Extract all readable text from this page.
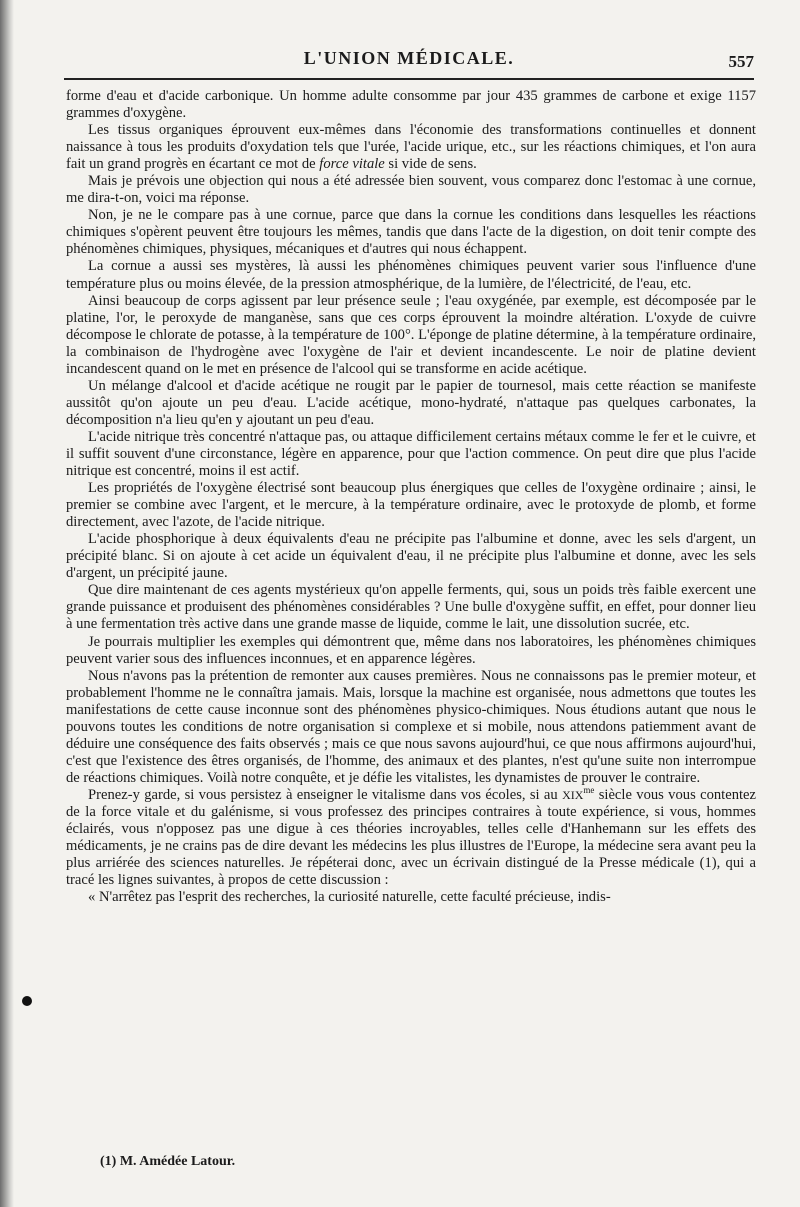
L'UNION MÉDICALE.	557

forme d'eau et d'acide carbonique. Un homme adulte consomme par jour 435 grammes de carbone et exige 1157 grammes d'oxygène.

Les tissus organiques éprouvent eux-mêmes dans l'économie des transformations continuelles et donnent naissance à tous les produits d'oxydation tels que l'urée, l'acide urique, etc., sur les réactions chimiques, et l'on aura fait un grand progrès en écartant ce mot de force vitale si vide de sens.

Mais je prévois une objection qui nous a été adressée bien souvent, vous comparez donc l'estomac à une cornue, me dira-t-on, voici ma réponse.

Non, je ne le compare pas à une cornue, parce que dans la cornue les conditions dans lesquelles les réactions chimiques s'opèrent peuvent être toujours les mêmes, tandis que dans l'acte de la digestion, on doit tenir compte des phénomènes chimiques, physiques, mécaniques et d'autres qui nous échappent.

La cornue a aussi ses mystères, là aussi les phénomènes chimiques peuvent varier sous l'influence d'une température plus ou moins élevée, de la pression atmosphérique, de la lumière, de l'électricité, de l'eau, etc.

Ainsi beaucoup de corps agissent par leur présence seule ; l'eau oxygénée, par exemple, est décomposée par le platine, l'or, le peroxyde de manganèse, sans que ces corps éprouvent la moindre altération. L'oxyde de cuivre décompose le chlorate de potasse, à la température de 100°. L'éponge de platine détermine, à la température ordinaire, la combinaison de l'hydrogène avec l'oxygène de l'air et devient incandescente. Le noir de platine devient incandescent quand on le met en présence de l'alcool qui se transforme en acide acétique.

Un mélange d'alcool et d'acide acétique ne rougit par le papier de tournesol, mais cette réaction se manifeste aussitôt qu'on ajoute un peu d'eau. L'acide acétique, mono-hydraté, n'attaque pas quelques carbonates, la décomposition n'a lieu qu'en y ajoutant un peu d'eau.

L'acide nitrique très concentré n'attaque pas, ou attaque difficilement certains métaux comme le fer et le cuivre, et il suffit souvent d'une circonstance, légère en apparence, pour que l'action commence. On peut dire que plus l'acide nitrique est concentré, moins il est actif.

Les propriétés de l'oxygène électrisé sont beaucoup plus énergiques que celles de l'oxygène ordinaire ; ainsi, le premier se combine avec l'argent, et le mercure, à la température ordinaire, avec le protoxyde de plomb, et forme directement, avec l'azote, de l'acide nitrique.

L'acide phosphorique à deux équivalents d'eau ne précipite pas l'albumine et donne, avec les sels d'argent, un précipité blanc. Si on ajoute à cet acide un équivalent d'eau, il ne précipite plus l'albumine et donne, avec les sels d'argent, un précipité jaune.

Que dire maintenant de ces agents mystérieux qu'on appelle ferments, qui, sous un poids très faible exercent une grande puissance et produisent des phénomènes considérables ? Une bulle d'oxygène suffit, en effet, pour donner lieu à une fermentation très active dans une grande masse de liquide, comme le lait, une dissolution sucrée, etc.

Je pourrais multiplier les exemples qui démontrent que, même dans nos laboratoires, les phénomènes chimiques peuvent varier sous des influences inconnues, et en apparence légères.

Nous n'avons pas la prétention de remonter aux causes premières. Nous ne connaissons pas le premier moteur, et probablement l'homme ne le connaîtra jamais. Mais, lorsque la machine est organisée, nous admettons que toutes les manifestations de cette cause inconnue sont des phénomènes physico-chimiques. Nous étudions autant que nous le pouvons toutes les conditions de notre organisation si complexe et si mobile, nous attendons patiemment avant de déduire une conséquence des faits observés ; mais ce que nous savons aujourd'hui, ce que nous affirmons aujourd'hui, c'est que l'existence des êtres organisés, de l'homme, des animaux et des plantes, n'est qu'une suite non interrompue de réactions chimiques. Voilà notre conquête, et je défie les vitalistes, les dynamistes de prouver le contraire.

Prenez-y garde, si vous persistez à enseigner le vitalisme dans vos écoles, si au $XIX^{me}$ siècle vous vous contentez de la force vitale et du galénisme, si vous professez des principes contraires à toute expérience, si vous, hommes éclairés, vous n'opposez pas une digue à ces théories incroyables, telles celle d'Hanhemann sur les effets des médicaments, je ne crains pas de dire devant les médecins les plus illustres de l'Europe, la médecine sera avant peu la plus arriérée des sciences naturelles. Je répéterai donc, avec un écrivain distingué de la Presse médicale (1), qui a tracé les lignes suivantes, à propos de cette discussion :

« N'arrêtez pas l'esprit des recherches, la curiosité naturelle, cette faculté précieuse, indis-

(1) M. Amédée Latour.
